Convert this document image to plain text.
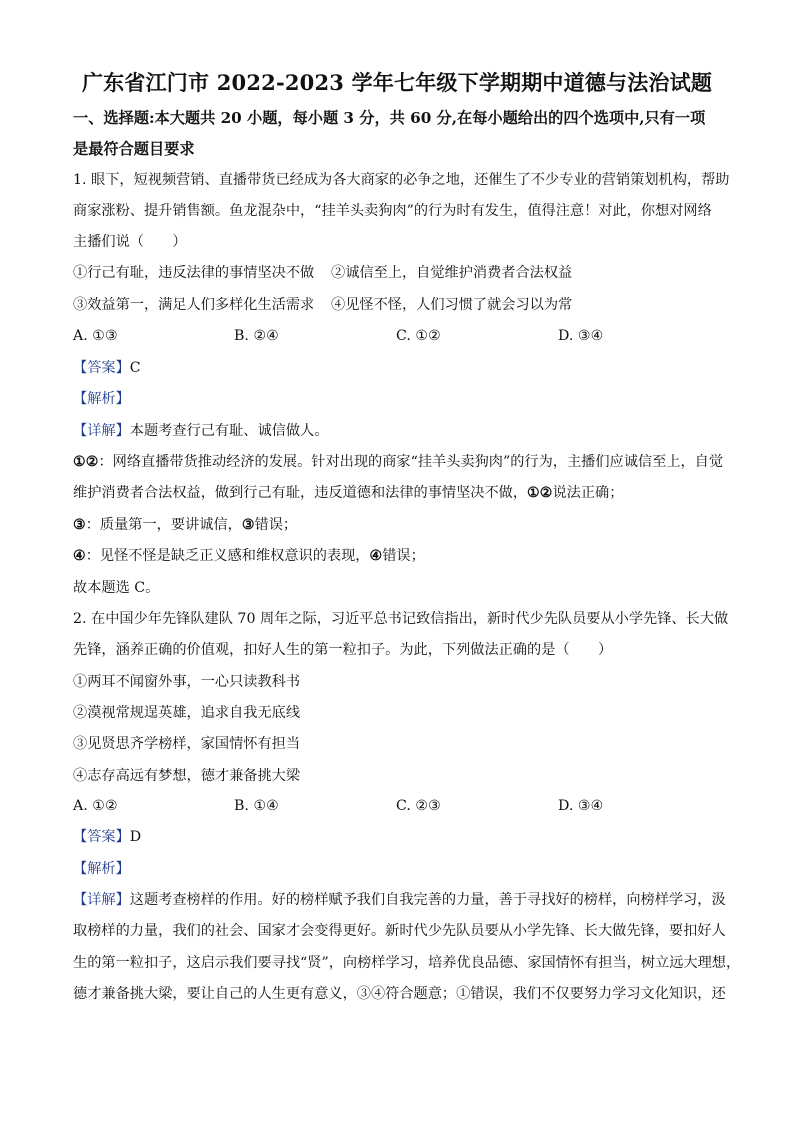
广东省江门市 2022-2023 学年七年级下学期期中道德与法治试题
一、选择题:本大题共 20 小题，每小题 3 分，共 60 分,在每小题给出的四个选项中,只有一项
是最符合题目要求
1. 眼下，短视频营销、直播带货已经成为各大商家的必争之地，还催生了不少专业的营销策划机构，帮助
商家涨粉、提升销售额。鱼龙混杂中，“挂羊头卖狗肉”的行为时有发生，值得注意！对此，你想对网络
主播们说（　　）
①行己有耻，违反法律的事情坚决不做 ②诚信至上，自觉维护消费者合法权益
③效益第一，满足人们多样化生活需求 ④见怪不怪，人们习惯了就会习以为常
A. ①③	B. ②④	C. ①②	D. ③④
【答案】C
【解析】
【详解】本题考查行己有耻、诚信做人。
①②：网络直播带货推动经济的发展。针对出现的商家“挂羊头卖狗肉”的行为，主播们应诚信至上，自觉
维护消费者合法权益，做到行己有耻，违反道德和法律的事情坚决不做，①②说法正确；
③：质量第一，要讲诚信，③错误；
④：见怪不怪是缺乏正义感和维权意识的表现，④错误；
故本题选 C。
2. 在中国少年先锋队建队 70 周年之际，习近平总书记致信指出，新时代少先队员要从小学先锋、长大做
先锋，涵养正确的价值观，扣好人生的第一粒扣子。为此，下列做法正确的是（　　）
①两耳不闻窗外事，一心只读教科书
②漠视常规逞英雄，追求自我无底线
③见贤思齐学榜样，家国情怀有担当
④志存高远有梦想，德才兼备挑大梁
A. ①②	B. ①④	C. ②③	D. ③④
【答案】D
【解析】
【详解】这题考查榜样的作用。好的榜样赋予我们自我完善的力量，善于寻找好的榜样，向榜样学习，汲
取榜样的力量，我们的社会、国家才会变得更好。新时代少先队员要从小学先锋、长大做先锋，要扣好人
生的第一粒扣子，这启示我们要寻找“贤”，向榜样学习，培养优良品德、家国情怀有担当，树立远大理想，
德才兼备挑大梁，要让自己的人生更有意义，③④符合题意；①错误，我们不仅要努力学习文化知识，还
